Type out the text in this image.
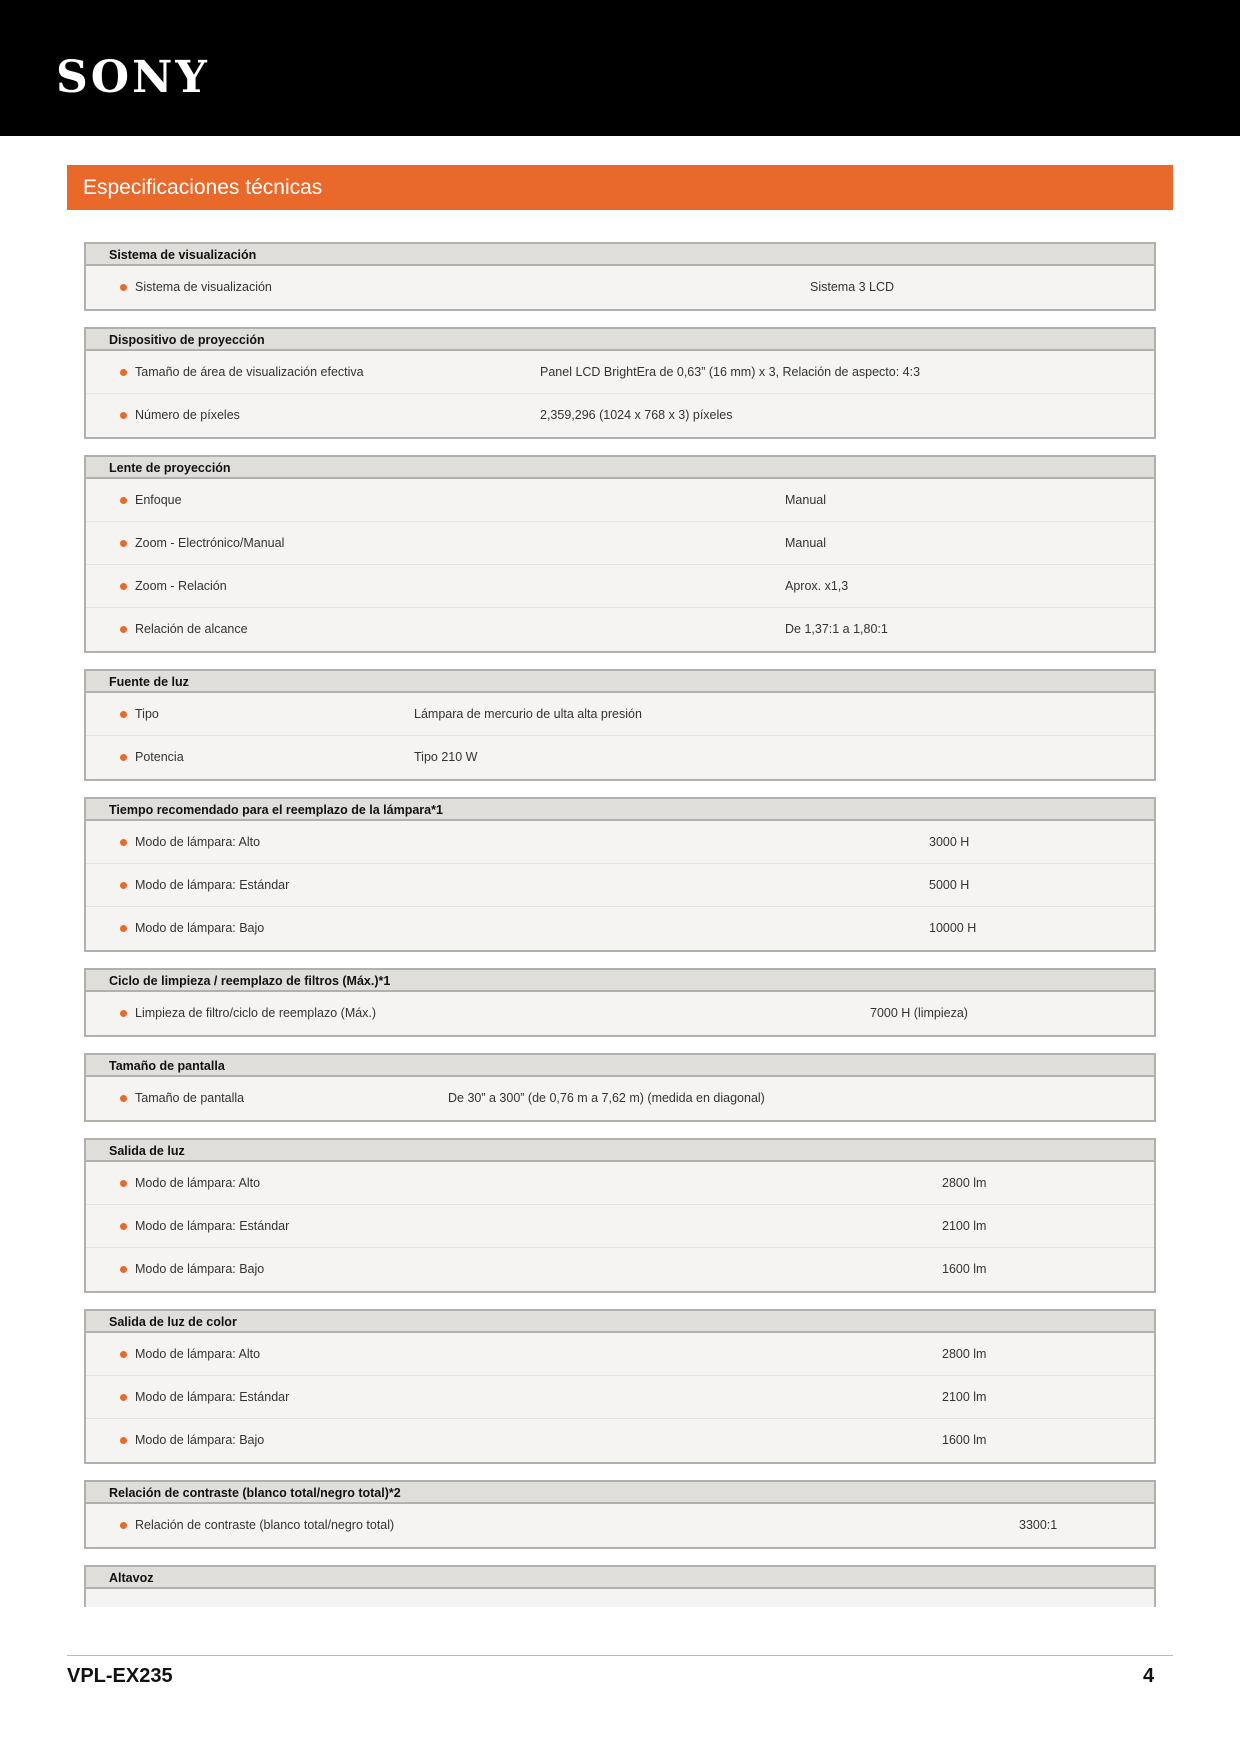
SONY
Especificaciones técnicas
Sistema de visualización
Sistema de visualización	Sistema 3 LCD
Dispositivo de proyección
Tamaño de área de visualización efectiva	Panel LCD BrightEra de 0,63” (16 mm) x 3, Relación de aspecto: 4:3
Número de píxeles	2,359,296 (1024 x 768 x 3) píxeles
Lente de proyección
Enfoque	Manual
Zoom - Electrónico/Manual	Manual
Zoom - Relación	Aprox. x1,3
Relación de alcance	De 1,37:1 a 1,80:1
Fuente de luz
Tipo	Lámpara de mercurio de ulta alta presión
Potencia	Tipo 210 W
Tiempo recomendado para el reemplazo de la lámpara*1
Modo de lámpara: Alto	3000 H
Modo de lámpara: Estándar	5000 H
Modo de lámpara: Bajo	10000 H
Ciclo de limpieza / reemplazo de filtros (Máx.)*1
Limpieza de filtro/ciclo de reemplazo (Máx.)	7000 H (limpieza)
Tamaño de pantalla
Tamaño de pantalla	De 30” a 300” (de 0,76 m a 7,62 m) (medida en diagonal)
Salida de luz
Modo de lámpara: Alto	2800 lm
Modo de lámpara: Estándar	2100 lm
Modo de lámpara: Bajo	1600 lm
Salida de luz de color
Modo de lámpara: Alto	2800 lm
Modo de lámpara: Estándar	2100 lm
Modo de lámpara: Bajo	1600 lm
Relación de contraste (blanco total/negro total)*2
Relación de contraste (blanco total/negro total)	3300:1
Altavoz
VPL-EX235	4
